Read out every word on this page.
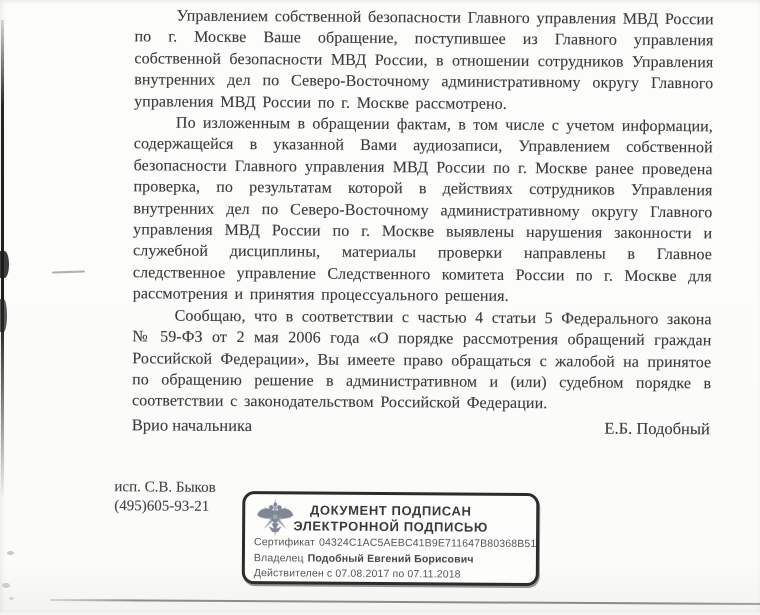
Управлением собственной безопасности Главного управления МВД России по г. Москве Ваше обращение, поступившее из Главного управления собственной безопасности МВД России, в отношении сотрудников Управления внутренних дел по Северо-Восточному административному округу Главного управления МВД России по г. Москве рассмотрено.

По изложенным в обращении фактам, в том числе с учетом информации, содержащейся в указанной Вами аудиозаписи, Управлением собственной безопасности Главного управления МВД России по г. Москве ранее проведена проверка, по результатам которой в действиях сотрудников Управления внутренних дел по Северо-Восточному административному округу Главного управления МВД России по г. Москве выявлены нарушения законности и служебной дисциплины, материалы проверки направлены в Главное следственное управление Следственного комитета России по г. Москве для рассмотрения и принятия процессуального решения.

Сообщаю, что в соответствии с частью 4 статьи 5 Федерального закона № 59-ФЗ от 2 мая 2006 года «О порядке рассмотрения обращений граждан Российской Федерации», Вы имеете право обращаться с жалобой на принятое по обращению решение в административном и (или) судебном порядке в соответствии с законодательством Российской Федерации.

Врио начальника	Е.Б. Подобный
исп. С.В. Быков
(495)605-93-21	ДОКУМЕНТ ПОДПИСАН
ЭЛЕКТРОННОЙ ПОДПИСЬЮ
Сертификат 04324C1AC5AEBC41B9E711647B80368B51
Владелец Подобный Евгений Борисович
Действителен с 07.08.2017 по 07.11.2018
